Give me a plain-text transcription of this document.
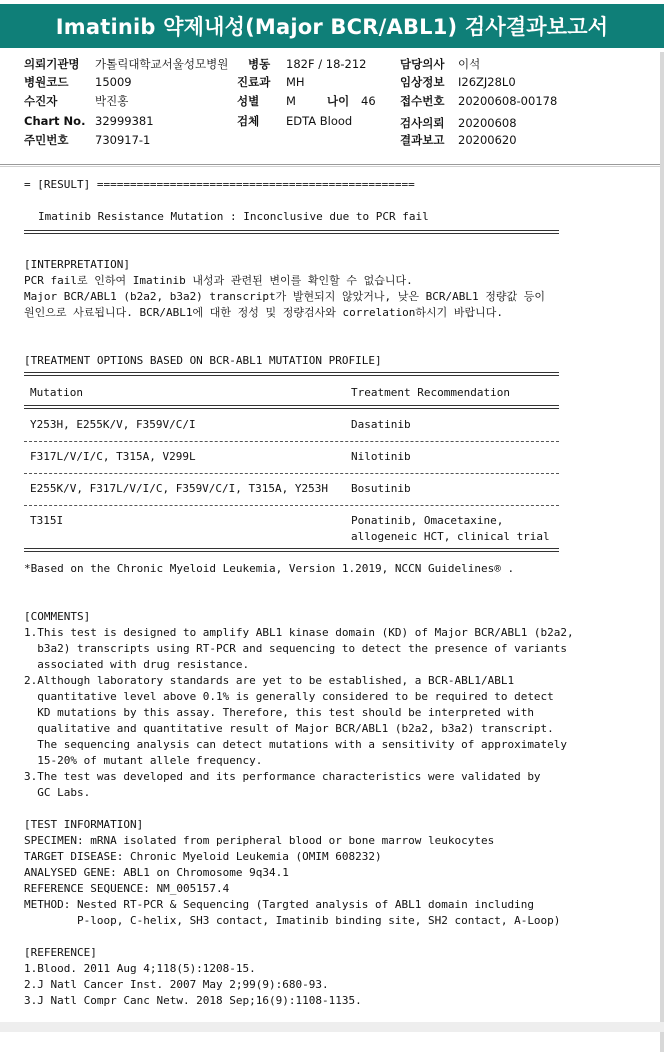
Imatinib 약제내성(Major BCR/ABL1) 검사결과보고서
의뢰기관명 가톨릭대학교서울성모병원 병동 182F / 18-212	담당의사 이석
병원코드 15009	진료과 MH	임상정보 I26ZJ28L0
수진자	박진홍	성별 M	나이 46 접수번호 20200608-00178
Chart No. 32999381	검체 EDTA Blood	검사의뢰 20200608
주민번호 730917-1	결과보고 20200620
= [RESULT] ================================================
Imatinib Resistance Mutation : Inconclusive due to PCR fail
[INTERPRETATION]
PCR fail로 인하여 Imatinib 내성과 관련된 변이를 확인할 수 없습니다.
Major BCR/ABL1 (b2a2, b3a2) transcript가 발현되지 않았거나, 낮은 BCR/ABL1 정량값 등이
원인으로 사료됩니다. BCR/ABL1에 대한 정성 및 정량검사와 correlation하시기 바랍니다.
[TREATMENT OPTIONS BASED ON BCR-ABL1 MUTATION PROFILE]
Mutation	Treatment Recommendation
Y253H, E255K/V, F359V/C/I	Dasatinib
F317L/V/I/C, T315A, V299L	Nilotinib
E255K/V, F317L/V/I/C, F359V/C/I, T315A, Y253H Bosutinib
T315I	Ponatinib, Omacetaxine,
allogeneic HCT, clinical trial
*Based on the Chronic Myeloid Leukemia, Version 1.2019, NCCN Guidelines® .
[COMMENTS]
1.This test is designed to amplify ABL1 kinase domain (KD) of Major BCR/ABL1 (b2a2,
b3a2) transcripts using RT-PCR and sequencing to detect the presence of variants
associated with drug resistance.
2.Although laboratory standards are yet to be established, a BCR-ABL1/ABL1
quantitative level above 0.1% is generally considered to be required to detect
KD mutations by this assay. Therefore, this test should be interpreted with
qualitative and quantitative result of Major BCR/ABL1 (b2a2, b3a2) transcript.
The sequencing analysis can detect mutations with a sensitivity of approximately
15-20% of mutant allele frequency.
3.The test was developed and its performance characteristics were validated by
GC Labs.
[TEST INFORMATION]
SPECIMEN: mRNA isolated from peripheral blood or bone marrow leukocytes
TARGET DISEASE: Chronic Myeloid Leukemia (OMIM 608232)
ANALYSED GENE: ABL1 on Chromosome 9q34.1
REFERENCE SEQUENCE: NM_005157.4
METHOD: Nested RT-PCR & Sequencing (Targted analysis of ABL1 domain including
P-loop, C-helix, SH3 contact, Imatinib binding site, SH2 contact, A-Loop)
[REFERENCE]
1.Blood. 2011 Aug 4;118(5):1208-15.
2.J Natl Cancer Inst. 2007 May 2;99(9):680-93.
3.J Natl Compr Canc Netw. 2018 Sep;16(9):1108-1135.
